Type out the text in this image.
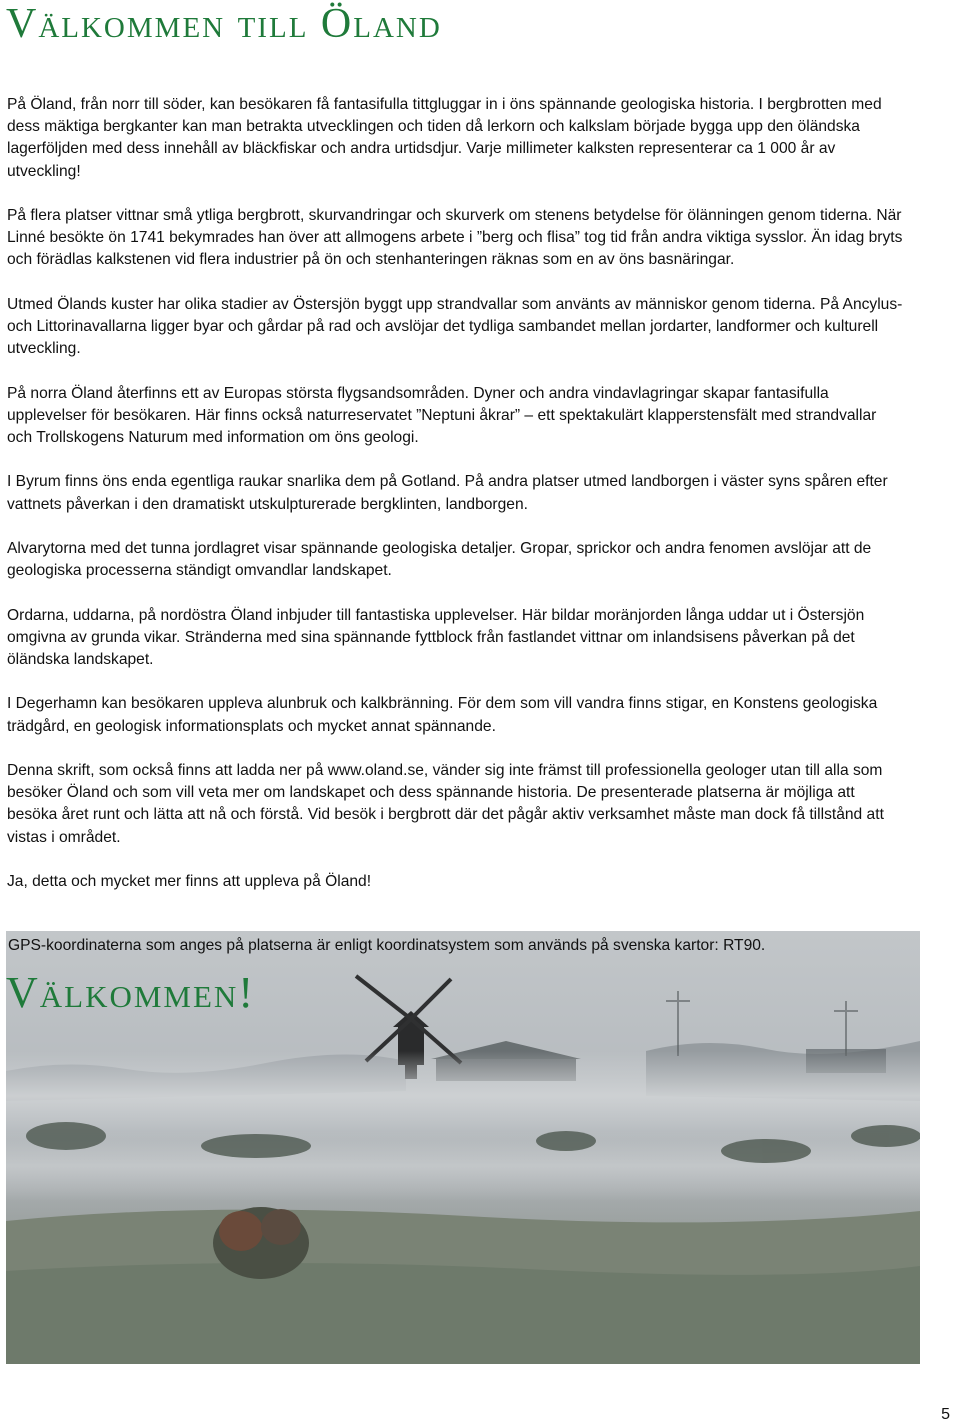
Välkommen till Öland

På Öland, från norr till söder, kan besökaren få fantasifulla tittgluggar in i öns spännande geologiska historia. I bergbrotten med dess mäktiga bergkanter kan man betrakta utvecklingen och tiden då lerkorn och kalkslam började bygga upp den öländska lagerföljden med dess innehåll av bläckfiskar och andra urtidsdjur. Varje millimeter kalksten representerar ca 1 000 år av utveckling!

På flera platser vittnar små ytliga bergbrott, skurvandringar och skurverk om stenens betydelse för ölänningen genom tiderna. När Linné besökte ön 1741 bekymrades han över att allmogens arbete i ”berg och flisa” tog tid från andra viktiga sysslor. Än idag bryts och förädlas kalkstenen vid flera industrier på ön och stenhanteringen räknas som en av öns basnäringar.

Utmed Ölands kuster har olika stadier av Östersjön byggt upp strandvallar som använts av människor genom tiderna. På Ancylus- och Littorinavallarna ligger byar och gårdar på rad och avslöjar det tydliga sambandet mellan jordarter, landformer och kulturell utveckling.

På norra Öland återfinns ett av Europas största flygsandsområden. Dyner och andra vindavlagringar skapar fantasifulla upplevelser för besökaren. Här finns också naturreservatet ”Neptuni åkrar” – ett spektakulärt klapperstensfält med strandvallar och Trollskogens Naturum med information om öns geologi.

I Byrum finns öns enda egentliga raukar snarlika dem på Gotland. På andra platser utmed landborgen i väster syns spåren efter vattnets påverkan i den dramatiskt utskulpturerade bergklinten, landborgen.

Alvarytorna med det tunna jordlagret visar spännande geologiska detaljer. Gropar, sprickor och andra fenomen avslöjar att de geologiska processerna ständigt omvandlar landskapet.

Ordarna, uddarna, på nordöstra Öland inbjuder till fantastiska upplevelser. Här bildar moränjorden långa uddar ut i Östersjön omgivna av grunda vikar. Stränderna med sina spännande fyttblock från fastlandet vittnar om inlandsisens påverkan på det öländska landskapet.

I Degerhamn kan besökaren uppleva alunbruk och kalkbränning. För dem som vill vandra finns stigar, en Konstens geologiska trädgård, en geologisk informationsplats och mycket annat spännande.

Denna skrift, som också finns att ladda ner på www.oland.se, vänder sig inte främst till professionella geologer utan till alla som besöker Öland och som vill veta mer om landskapet och dess spännande historia. De presenterade platserna är möjliga att besöka året runt och lätta att nå och förstå. Vid besök i bergbrott där det pågår aktiv verksamhet måste man dock få tillstånd att vistas i området.

Ja, detta och mycket mer finns att uppleva på Öland!

GPS-koordinaterna som anges på platserna är enligt koordinatsystem som används på svenska kartor: RT90.

Välkommen!
5
